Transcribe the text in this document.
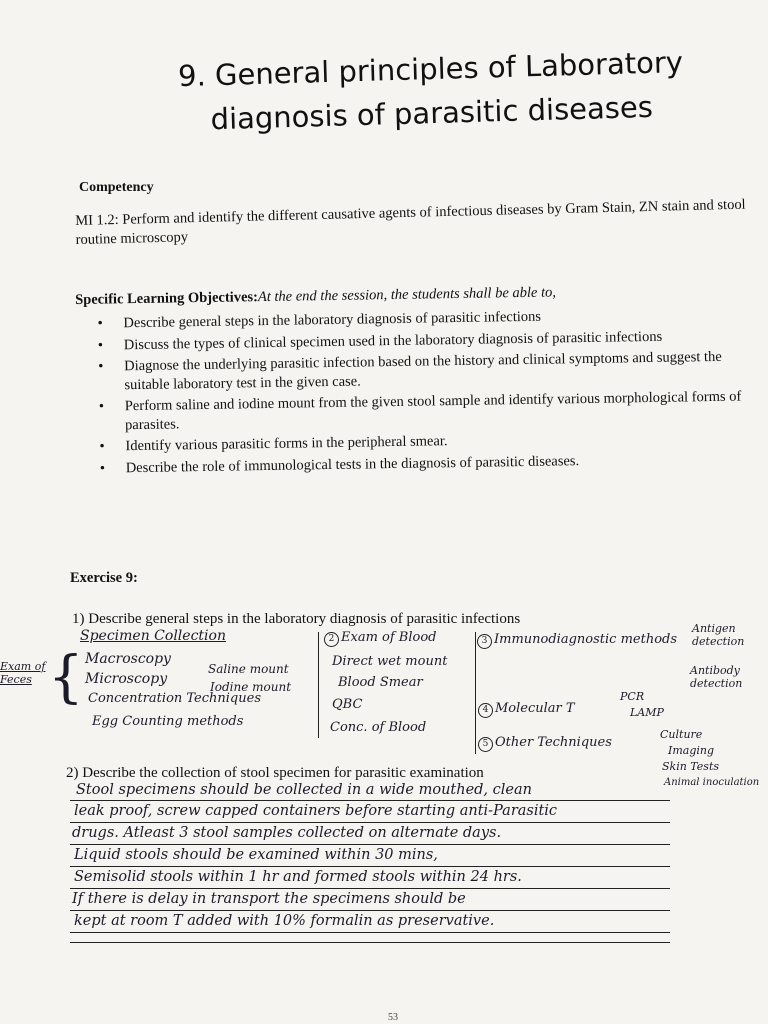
9. General principles of Laboratory diagnosis of parasitic diseases
Competency
MI 1.2: Perform and identify the different causative agents of infectious diseases by Gram Stain, ZN stain and stool routine microscopy
Specific Learning Objectives:At the end the session, the students shall be able to,
• Describe general steps in the laboratory diagnosis of parasitic infections
• Discuss the types of clinical specimen used in the laboratory diagnosis of parasitic infections
• Diagnose the underlying parasitic infection based on the history and clinical symptoms and suggest the suitable laboratory test in the given case.
• Perform saline and iodine mount from the given stool sample and identify various morphological forms of parasites.
• Identify various parasitic forms in the peripheral smear.
• Describe the role of immunological tests in the diagnosis of parasitic diseases.
Exercise 9:
1) Describe general steps in the laboratory diagnosis of parasitic infections
Exam of Feces {
Specimen Collection
Macroscopy
Microscopy
Saline mount
Iodine mount
Concentration Techniques
Egg Counting methods
2 Exam of Blood
Direct wet mount
Blood Smear
QBC
Conc. of Blood
3 Immunodiagnostic methods
4 Molecular T
PCR
LAMP
5 Other Techniques
Antigen detection
Antibody detection
Culture
Imaging
Skin Tests
Animal inoculation
2) Describe the collection of stool specimen for parasitic examination
Stool specimens should be collected in a wide mouthed, clean
leak proof, screw capped containers before starting anti-Parasitic
drugs. Atleast 3 stool samples collected on alternate days.
Liquid stools should be examined within 30 mins,
Semisolid stools within 1 hr and formed stools within 24 hrs.
If there is delay in transport the specimens should be
kept at room T added with 10% formalin as preservative.
53
